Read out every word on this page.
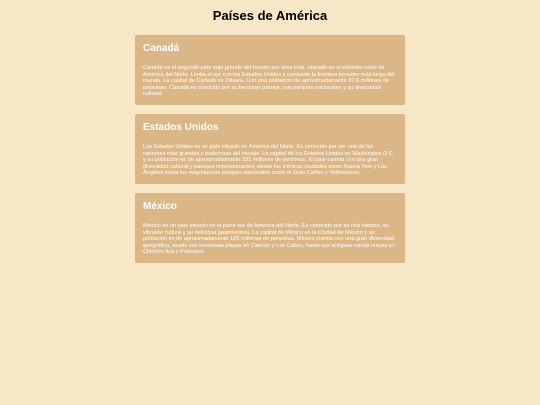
Países de América
Canadá

Canadá es el segundo país más grande del mundo por área total, ubicado en el extremo norte de América del Norte. Limita al sur con los Estados Unidos y comparte la frontera terrestre más larga del mundo. La capital de Canadá es Ottawa. Con una población de aproximadamente 37.6 millones de personas, Canadá es conocido por su hermoso paisaje, sus parques nacionales y su diversidad cultural.

Estados Unidos

Los Estados Unidos es un país situado en América del Norte. Es conocido por ser una de las naciones más grandes y poderosas del mundo. La capital de los Estados Unidos es Washington D.C. y su población es de aproximadamente 331 millones de personas. El país cuenta con una gran diversidad cultural y paisajes impresionantes, desde las icónicas ciudades como Nueva York y Los Ángeles hasta los majestuosos parques nacionales como el Gran Cañón y Yellowstone.

México

México es un país situado en la parte sur de América del Norte. Es conocido por su rica historia, su vibrante cultura y su deliciosa gastronomía. La capital de México es la Ciudad de México y su población es de aproximadamente 126 millones de personas. México cuenta con una gran diversidad geográfica, desde sus hermosas playas en Cancún y Los Cabos, hasta sus antiguas ruinas mayas en Chichén Itzá y Palenque.
